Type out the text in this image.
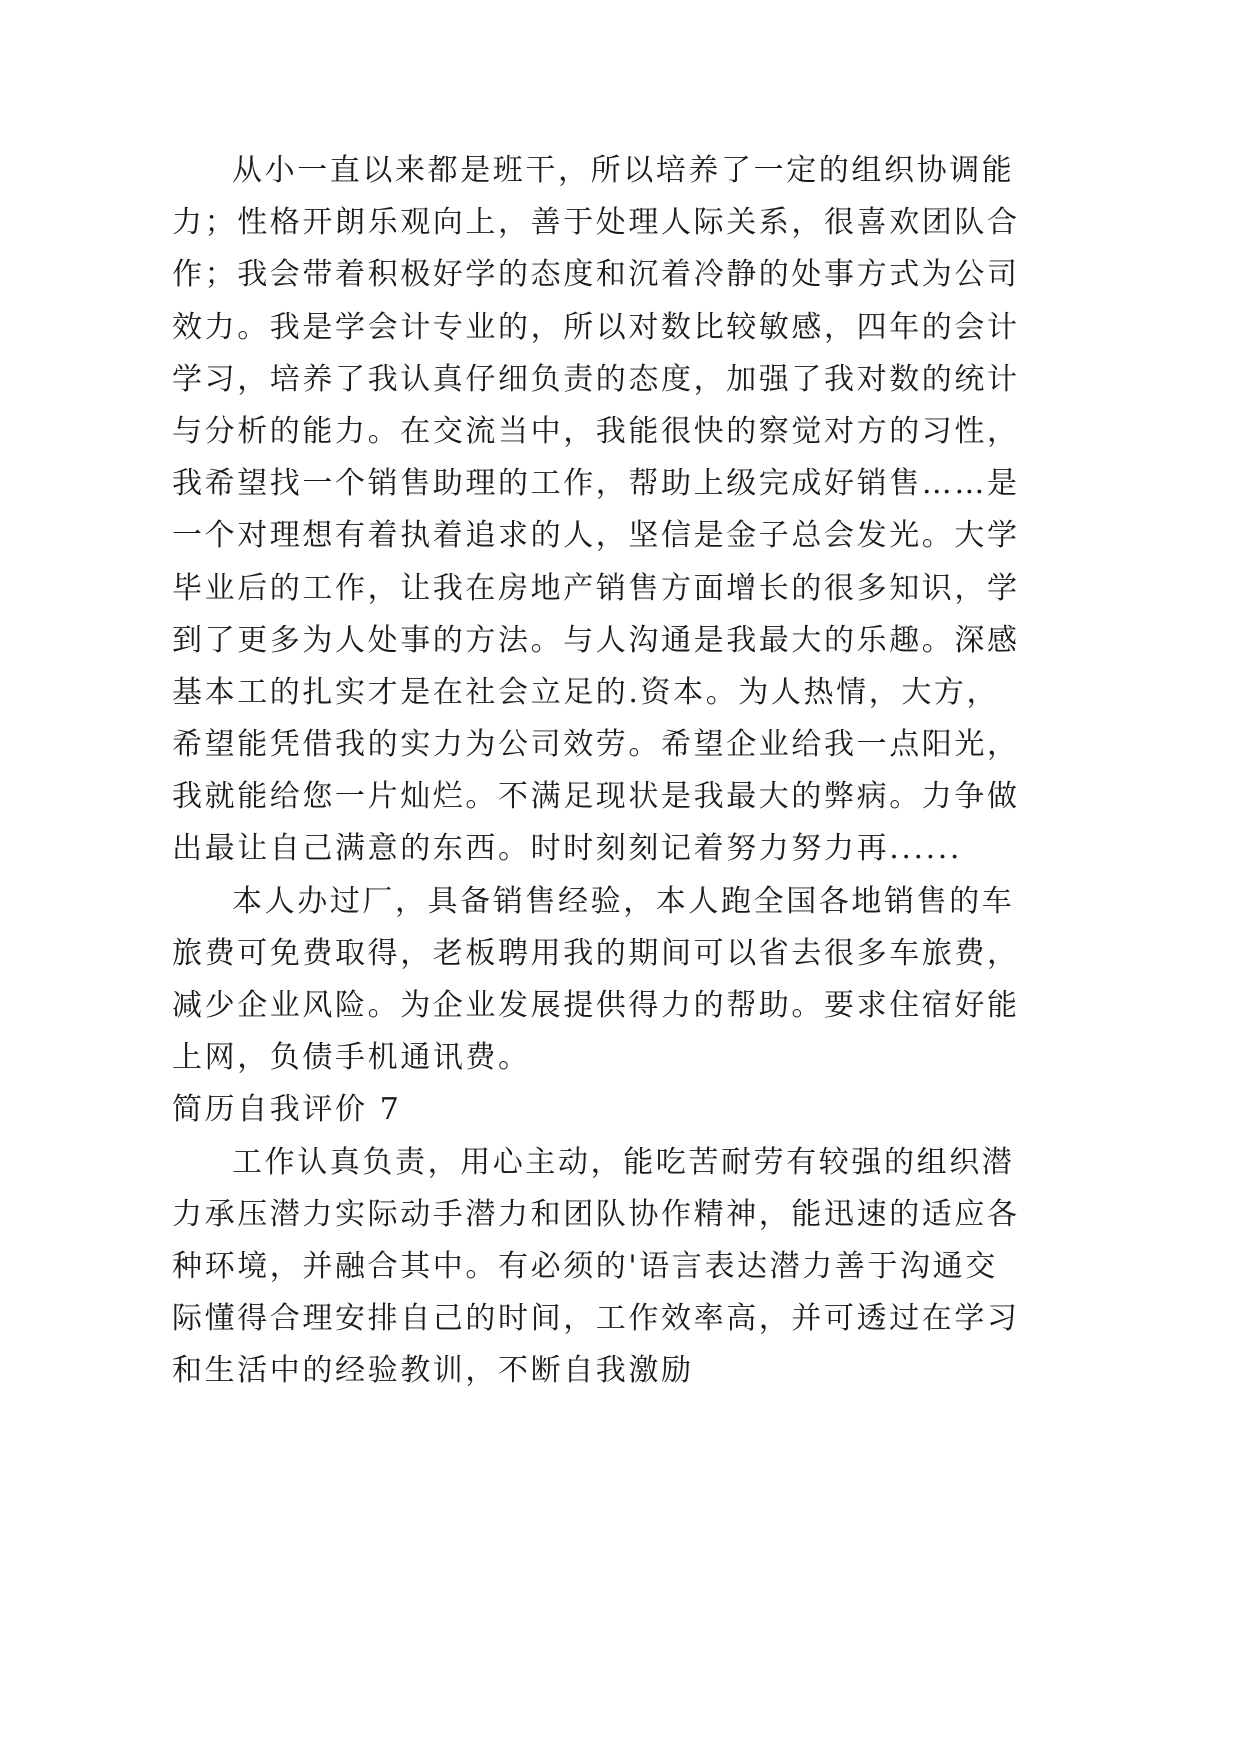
从小一直以来都是班干，所以培养了一定的组织协调能
力；性格开朗乐观向上，善于处理人际关系，很喜欢团队合
作；我会带着积极好学的态度和沉着冷静的处事方式为公司
效力。我是学会计专业的，所以对数比较敏感，四年的会计
学习，培养了我认真仔细负责的态度，加强了我对数的统计
与分析的能力。在交流当中，我能很快的察觉对方的习性，
我希望找一个销售助理的工作，帮助上级完成好销售……是
一个对理想有着执着追求的人，坚信是金子总会发光。大学
毕业后的工作，让我在房地产销售方面增长的很多知识，学
到了更多为人处事的方法。与人沟通是我最大的乐趣。深感
基本工的扎实才是在社会立足的.资本。为人热情，大方，
希望能凭借我的实力为公司效劳。希望企业给我一点阳光，
我就能给您一片灿烂。不满足现状是我最大的弊病。力争做
出最让自己满意的东西。时时刻刻记着努力努力再......
本人办过厂，具备销售经验，本人跑全国各地销售的车
旅费可免费取得，老板聘用我的期间可以省去很多车旅费，
减少企业风险。为企业发展提供得力的帮助。要求住宿好能
上网，负债手机通讯费。
简历自我评价 7
工作认真负责，用心主动，能吃苦耐劳有较强的组织潜
力承压潜力实际动手潜力和团队协作精神，能迅速的适应各
种环境，并融合其中。有必须的'语言表达潜力善于沟通交
际懂得合理安排自己的时间，工作效率高，并可透过在学习
和生活中的经验教训，不断自我激励
